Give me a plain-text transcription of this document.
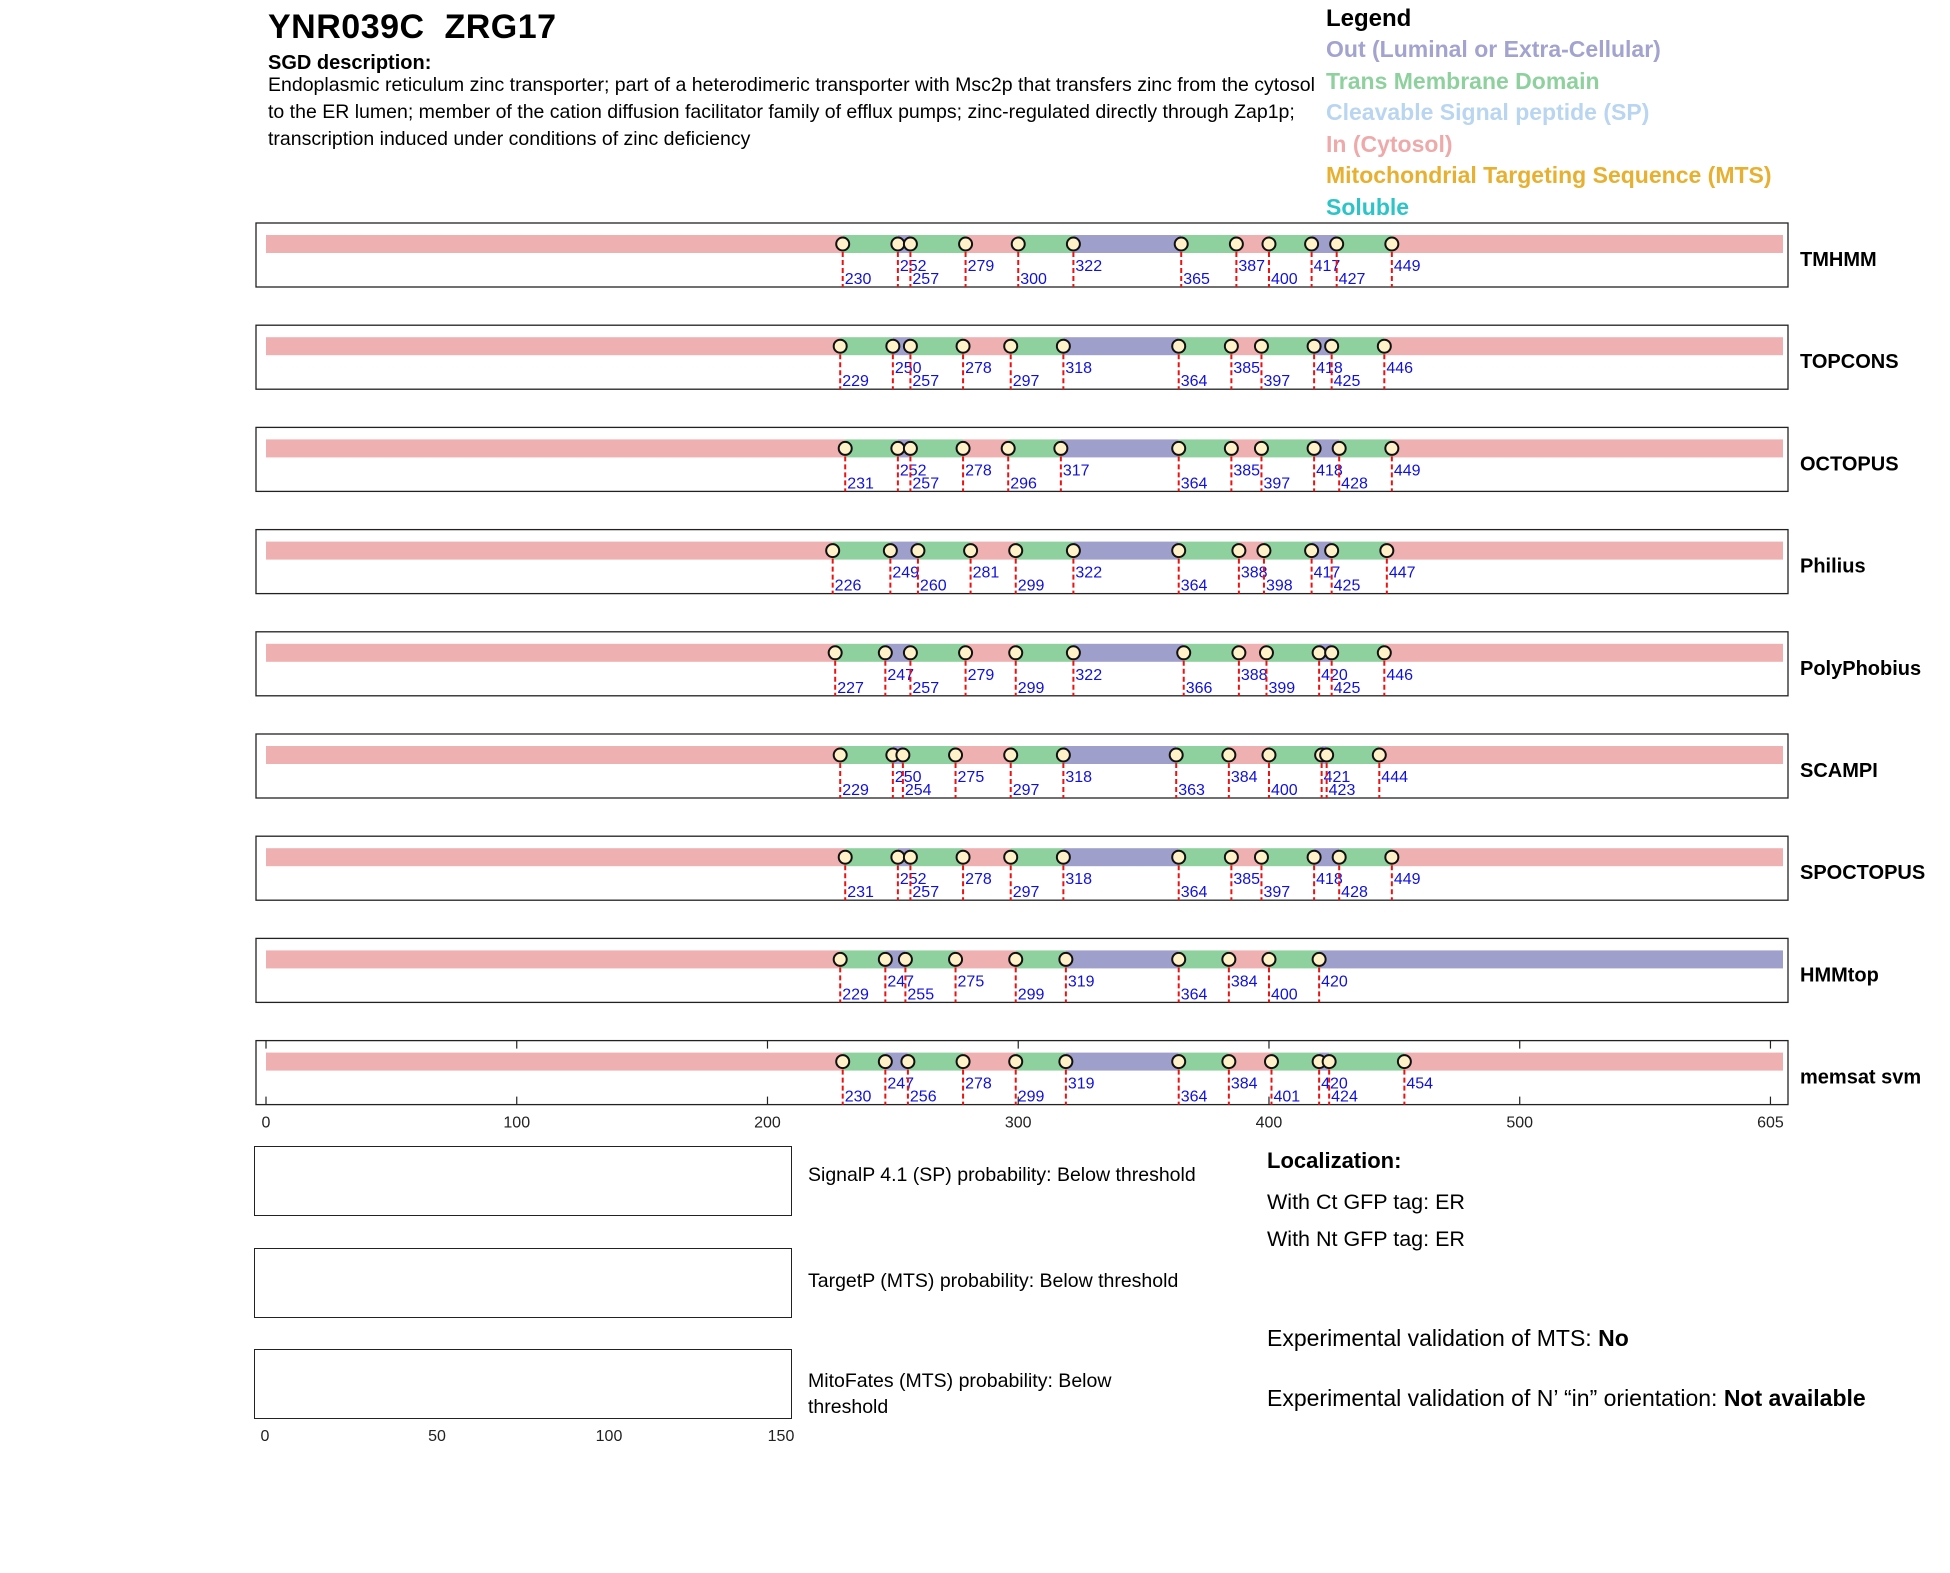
YNR039C ZRG17
SGD description:
Endoplasmic reticulum zinc transporter; part of a heterodimeric transporter with Msc2p that transfers zinc from the cytosol to the ER lumen; member of the cation diffusion facilitator family of efflux pumps; zinc-regulated directly through Zap1p; transcription induced under conditions of zinc deficiency
Legend
Out (Luminal or Extra-Cellular)
Trans Membrane Domain
Cleavable Signal peptide (SP)
In (Cytosol)
Mitochondrial Targeting Sequence (MTS)
Soluble
230
252
257
279
300
322
365
387
400
417
427
449	TMHMM
229
250
257
278
297
318
364
385
397
418
425
446	TOPCONS
231
252
257
278
296
317
364
385
397
418
428
449	OCTOPUS
226
249
260
281
299
322
364
388
398
417
425
447	Philius
227
247
257
279
299
322
366
388
399
420
425
446	PolyPhobius
229
250
254
275
297
318
363
384
400
421
423
444	SCAMPI
231
252
257
278
297
318
364
385
397
418
428
449	SPOCTOPUS
229
247
255
275
299
319
364
384
400
420	HMMtop
230
247
256
278
299
319
364
384
401
420
424
454	memsat svm
0	100	200	300	400	500	605
0	50	100	150
SignalP 4.1 (SP) probability: Below threshold
TargetP (MTS) probability: Below threshold
MitoFates (MTS) probability: Below threshold
Localization:
With Ct GFP tag: ER
With Nt GFP tag: ER
Experimental validation of MTS: No
Experimental validation of N’ “in” orientation: Not available
